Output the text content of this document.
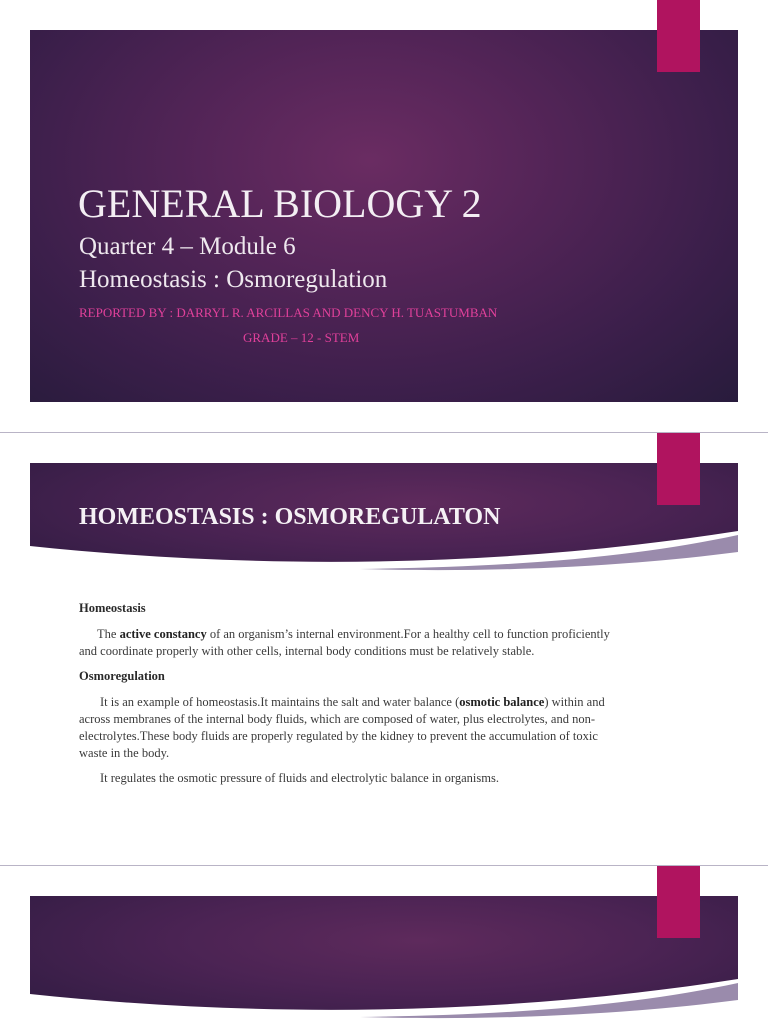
GENERAL BIOLOGY 2

Quarter 4 – Module 6

Homeostasis : Osmoregulation

REPORTED BY : DARRYL R. ARCILLAS AND DENCY H. TUASTUMBAN

GRADE – 12 - STEM

HOMEOSTASIS : OSMOREGULATON

Homeostasis

The active constancy of an organism’s internal environment.For a healthy cell to function proficiently and coordinate properly with other cells, internal body conditions must be relatively stable.

Osmoregulation

It is an example of homeostasis.It maintains the salt and water balance (osmotic balance) within and across membranes of the internal body fluids, which are composed of water, plus electrolytes, and non-electrolytes.These body fluids are properly regulated by the kidney to prevent the accumulation of toxic waste in the body.

It regulates the osmotic pressure of fluids and electrolytic balance in organisms.
